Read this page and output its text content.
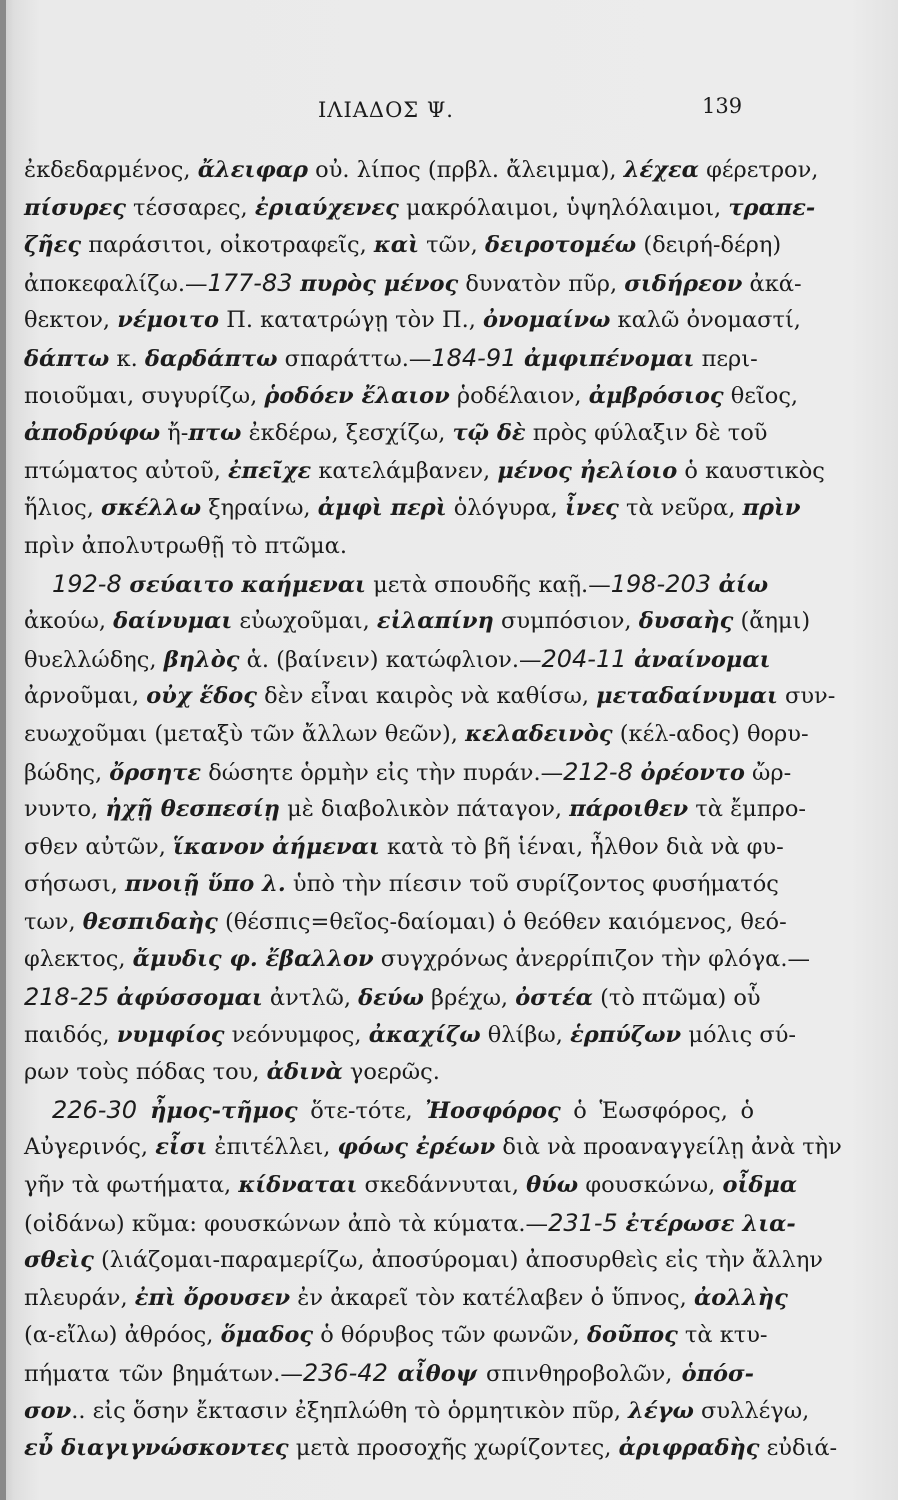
ΙΛΙΑΔΟΣ Ψ.	139
ἐκδεδαρμένος, ἄλειφαρ οὐ. λίπος (πρβλ. ἄλειμμα), λέχεα φέρετρον,
πίσυρες τέσσαρες, ἐριαύχενες μακρόλαιμοι, ὑψηλόλαιμοι, τραπε-
ζῆες παράσιτοι, οἰκοτραφεῖς, καὶ τῶν, δειροτομέω (δειρή-δέρη)
ἀποκεφαλίζω.—177-83 πυρὸς μένος δυνατὸν πῦρ, σιδήρεον ἀκά-
θεκτον, νέμοιτο Π. κατατρώγῃ τὸν Π., ὀνομαίνω καλῶ ὀνομαστί,
δάπτω κ. δαρδάπτω σπαράττω.—184-91 ἀμφιπένομαι περι-
ποιοῦμαι, συγυρίζω, ῥοδόεν ἔλαιον ῥοδέλαιον, ἀμβρόσιος θεῖος,
ἀποδρύφω ἤ-πτω ἐκδέρω, ξεσχίζω, τῷ δὲ πρὸς φύλαξιν δὲ τοῦ
πτώματος αὐτοῦ, ἐπεῖχε κατελάμβανεν, μένος ἠελίοιο ὁ καυστικὸς
ἥλιος, σκέλλω ξηραίνω, ἀμφὶ περὶ ὁλόγυρα, ἶνες τὰ νεῦρα, πρὶν
πρὶν ἀπολυτρωθῇ τὸ πτῶμα.
192-8 σεύαιτο καήμεναι μετὰ σπουδῆς καῇ.—198-203 ἀίω
ἀκούω, δαίνυμαι εὐωχοῦμαι, εἰλαπίνη συμπόσιον, δυσαὴς (ἄημι)
θυελλώδης, βηλὸς ἁ. (βαίνειν) κατώφλιον.—204-11 ἀναίνομαι
ἀρνοῦμαι, οὐχ ἕδος δὲν εἶναι καιρὸς νὰ καθίσω, μεταδαίνυμαι συν-
ευωχοῦμαι (μεταξὺ τῶν ἄλλων θεῶν), κελαδεινὸς (κέλ-αδος) θορυ-
βώδης, ὄρσητε δώσητε ὁρμὴν εἰς τὴν πυράν.—212-8 ὀρέοντο ὤρ-
νυντο, ἠχῇ θεσπεσίῃ μὲ διαβολικὸν πάταγον, πάροιθεν τὰ ἔμπρο-
σθεν αὐτῶν, ἵκανον ἀήμεναι κατὰ τὸ βῆ ἱέναι, ἦλθον διὰ νὰ φυ-
σήσωσι, πνοιῇ ὕπο λ. ὑπὸ τὴν πίεσιν τοῦ συρίζοντος φυσήματός
των, θεσπιδαὴς (θέσπις=θεῖος-δαίομαι) ὁ θεόθεν καιόμενος, θεό-
φλεκτος, ἄμυδις φ. ἔβαλλον συγχρόνως ἀνερρίπιζον τὴν φλόγα.—
218-25 ἀφύσσομαι ἀντλῶ, δεύω βρέχω, ὀστέα (τὸ πτῶμα) οὗ
παιδός, νυμφίος νεόνυμφος, ἀκαχίζω θλίβω, ἑρπύζων μόλις σύ-
ρων τοὺς πόδας του, ἀδινὰ γοερῶς.
226-30 ἦμος-τῆμος ὅτε-τότε, Ἠοσφόρος ὁ Ἑωσφόρος, ὁ
Αὐγερινός, εἶσι ἐπιτέλλει, φόως ἐρέων διὰ νὰ προαναγγείλῃ ἀνὰ τὴν
γῆν τὰ φωτήματα, κίδναται σκεδάννυται, θύω φουσκώνω, οἶδμα
(οἰδάνω) κῦμα: φουσκώνων ἀπὸ τὰ κύματα.—231-5 ἐτέρωσε λια-
σθεὶς (λιάζομαι-παραμερίζω, ἀποσύρομαι) ἀποσυρθεὶς εἰς τὴν ἄλλην
πλευράν, ἐπὶ ὄρουσεν ἐν ἀκαρεῖ τὸν κατέλαβεν ὁ ὕπνος, ἀολλὴς
(α-εἴλω) ἀθρόος, ὅμαδος ὁ θόρυβος τῶν φωνῶν, δοῦπος τὰ κτυ-
πήματα τῶν βημάτων.—236-42 αἶθοψ σπινθηροβολῶν, ὁπόσ-
σον.. εἰς ὅσην ἔκτασιν ἐξηπλώθη τὸ ὁρμητικὸν πῦρ, λέγω συλλέγω,
εὖ διαγιγνώσκοντες μετὰ προσοχῆς χωρίζοντες, ἀριφραδὴς εὐδιά-
